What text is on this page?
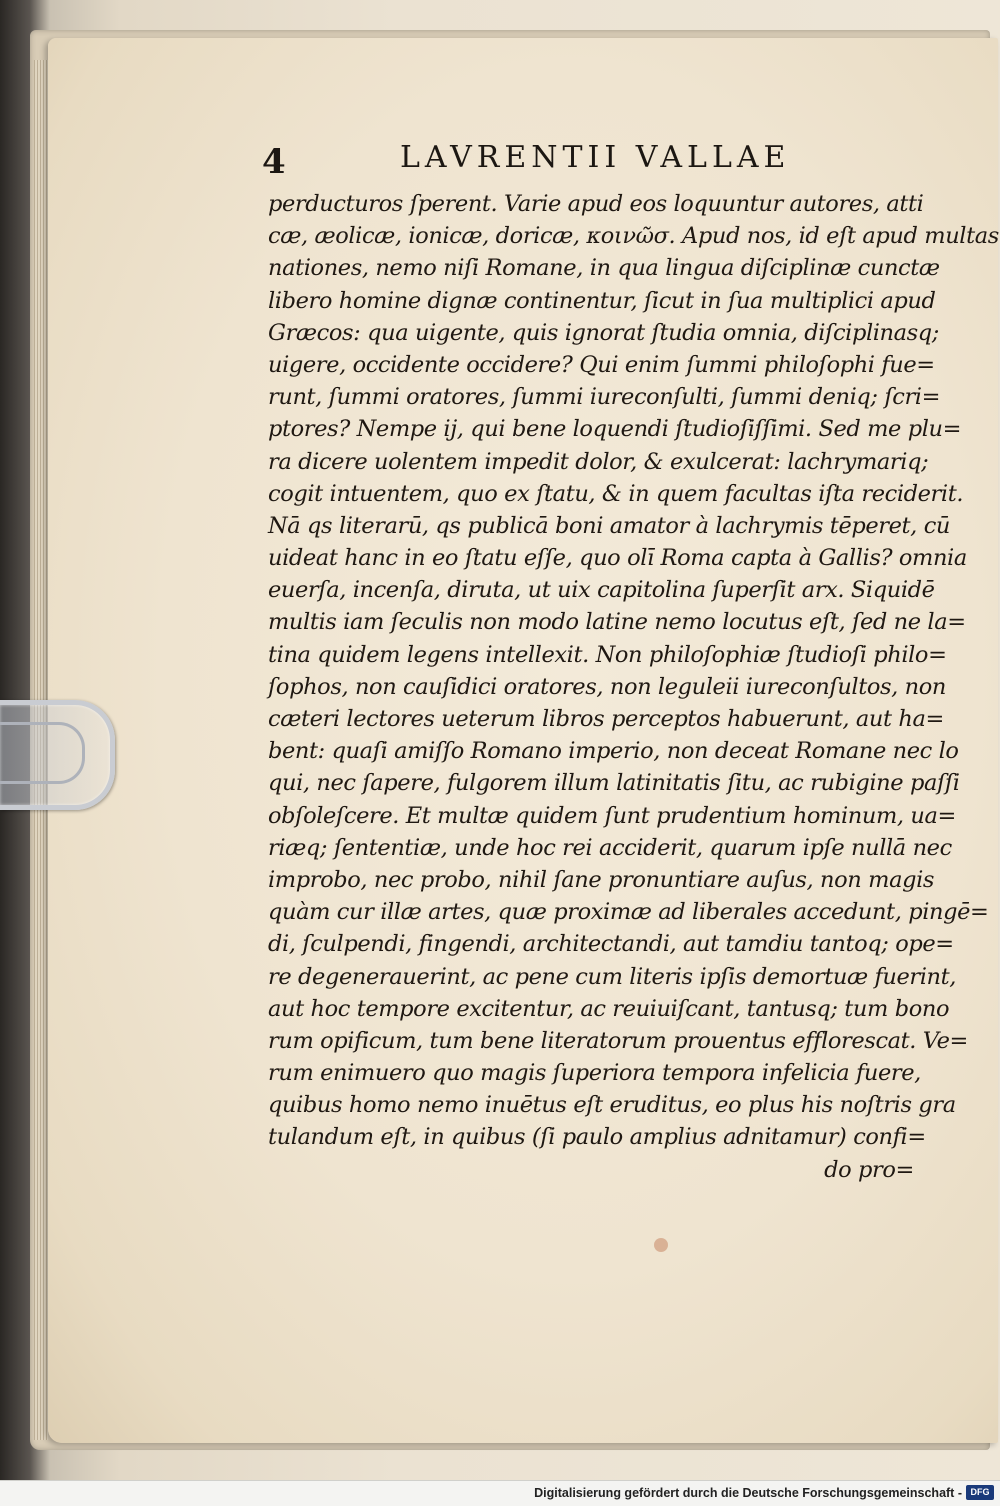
4	LAVRENTII VALLAE
perducturos ſperent. Varie apud eos loquuntur autores, atti
cæ, æolicæ, ionicæ, doricæ, κοινῶσ. Apud nos, id eſt apud multas
nationes, nemo niſi Romane, in qua lingua diſciplinæ cunctæ
libero homine dignæ continentur, ſicut in ſua multiplici apud
Græcos: qua uigente, quis ignorat ſtudia omnia, diſciplinasq;
uigere, occidente occidere? Qui enim ſummi philoſophi fue=
runt, ſummi oratores, ſummi iureconſulti, ſummi deniq; ſcri=
ptores? Nempe ij, qui bene loquendi ſtudioſiſſimi. Sed me plu=
ra dicere uolentem impedit dolor, & exulcerat: lachrymariq;
cogit intuentem, quo ex ſtatu, & in quem facultas iſta reciderit.
Nā qs literarū, qs publicā boni amator à lachrymis tēperet, cū
uideat hanc in eo ſtatu eſſe, quo olī Roma capta à Gallis? omnia
euerſa, incenſa, diruta, ut uix capitolina ſuperſit arx. Siquidē
multis iam ſeculis non modo latine nemo locutus eſt, ſed ne la=
tina quidem legens intellexit. Non philoſophiæ ſtudioſi philo=
ſophos, non cauſidici oratores, non leguleii iureconſultos, non
cæteri lectores ueterum libros perceptos habuerunt, aut ha=
bent: quaſi amiſſo Romano imperio, non deceat Romane nec lo
qui, nec ſapere, fulgorem illum latinitatis ſitu, ac rubigine paſſi
obſoleſcere. Et multæ quidem ſunt prudentium hominum, ua=
riæq; ſententiæ, unde hoc rei acciderit, quarum ipſe nullā nec
improbo, nec probo, nihil ſane pronuntiare auſus, non magis
quàm cur illæ artes, quæ proximæ ad liberales accedunt, pingē=
di, ſculpendi, fingendi, architectandi, aut tamdiu tantoq; ope=
re degenerauerint, ac pene cum literis ipſis demortuæ fuerint,
aut hoc tempore excitentur, ac reuiuiſcant, tantusq; tum bono
rum opificum, tum bene literatorum prouentus efflorescat. Ve=
rum enimuero quo magis ſuperiora tempora infelicia fuere,
quibus homo nemo inuētus eſt eruditus, eo plus his noſtris gra
tulandum eſt, in quibus (ſi paulo amplius adnitamur) confi=
do pro=
Digitalisierung gefördert durch die Deutsche Forschungsgemeinschaft - DFG
